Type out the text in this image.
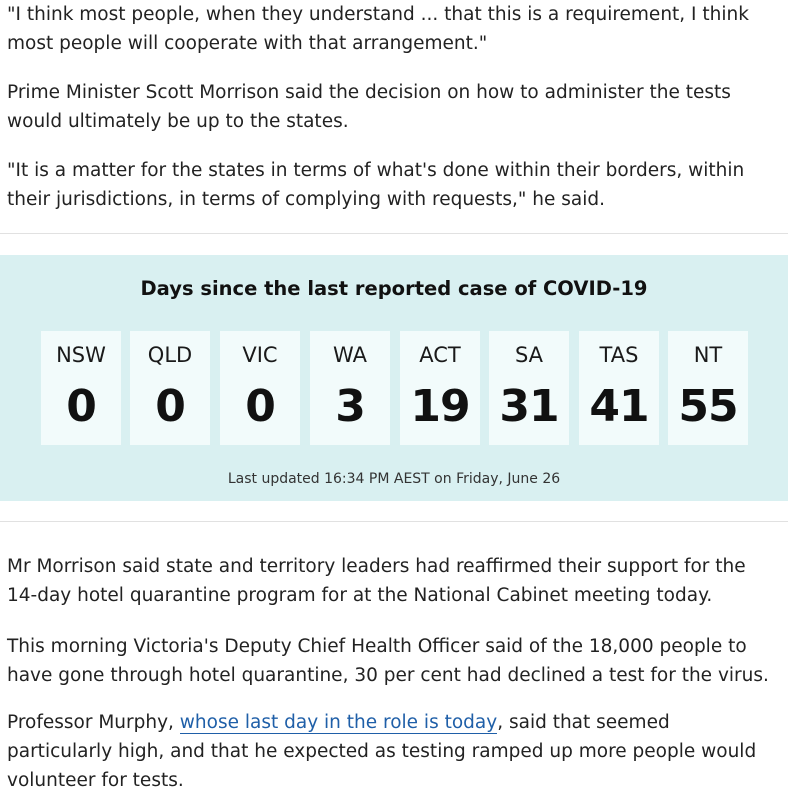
"I think most people, when they understand ... that this is a requirement, I think most people will cooperate with that arrangement."

Prime Minister Scott Morrison said the decision on how to administer the tests would ultimately be up to the states.

"It is a matter for the states in terms of what's done within their borders, within their jurisdictions, in terms of complying with requests," he said.

Days since the last reported case of COVID-19
NSW
0
QLD
0
VIC
0
WA
3
ACT
19
SA
31
TAS
41
NT
55

Last updated 16:34 PM AEST on Friday, June 26

Mr Morrison said state and territory leaders had reaffirmed their support for the 14-day hotel quarantine program for at the National Cabinet meeting today.

This morning Victoria's Deputy Chief Health Officer said of the 18,000 people to have gone through hotel quarantine, 30 per cent had declined a test for the virus.

Professor Murphy, whose last day in the role is today, said that seemed particularly high, and that he expected as testing ramped up more people would volunteer for tests.
